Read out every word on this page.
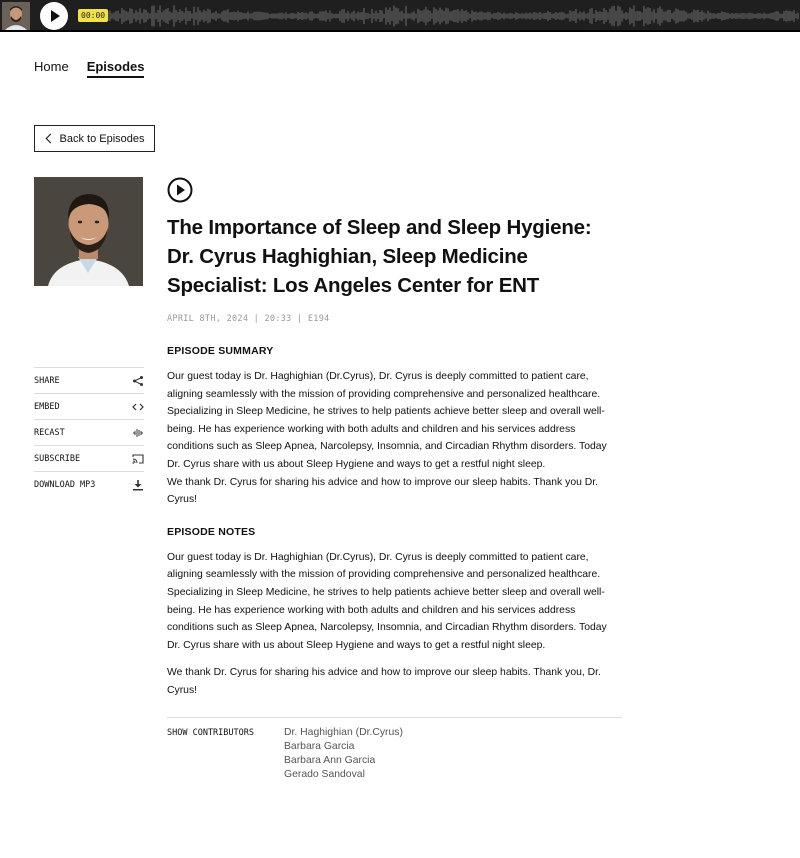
00:00
Home Episodes
Back to Episodes
SHARE
EMBED
RECAST
SUBSCRIBE
DOWNLOAD MP3
The Importance of Sleep and Sleep Hygiene: Dr. Cyrus Haghighian, Sleep Medicine Specialist: Los Angeles Center for ENT
APRIL 8TH, 2024 | 20:33 | E194
EPISODE SUMMARY
Our guest today is Dr. Haghighian (Dr.Cyrus), Dr. Cyrus is deeply committed to patient care, aligning seamlessly with the mission of providing comprehensive and personalized healthcare. Specializing in Sleep Medicine, he strives to help patients achieve better sleep and overall well-being. He has experience working with both adults and children and his services address conditions such as Sleep Apnea, Narcolepsy, Insomnia, and Circadian Rhythm disorders. Today Dr. Cyrus share with us about Sleep Hygiene and ways to get a restful night sleep.
We thank Dr. Cyrus for sharing his advice and how to improve our sleep habits. Thank you Dr. Cyrus!
EPISODE NOTES
Our guest today is Dr. Haghighian (Dr.Cyrus), Dr. Cyrus is deeply committed to patient care, aligning seamlessly with the mission of providing comprehensive and personalized healthcare. Specializing in Sleep Medicine, he strives to help patients achieve better sleep and overall well-being. He has experience working with both adults and children and his services address conditions such as Sleep Apnea, Narcolepsy, Insomnia, and Circadian Rhythm disorders. Today Dr. Cyrus share with us about Sleep Hygiene and ways to get a restful night sleep.
We thank Dr. Cyrus for sharing his advice and how to improve our sleep habits. Thank you, Dr. Cyrus!
SHOW CONTRIBUTORS	Dr. Haghighian (Dr.Cyrus)
Barbara Garcia
Barbara Ann Garcia
Gerado Sandoval
